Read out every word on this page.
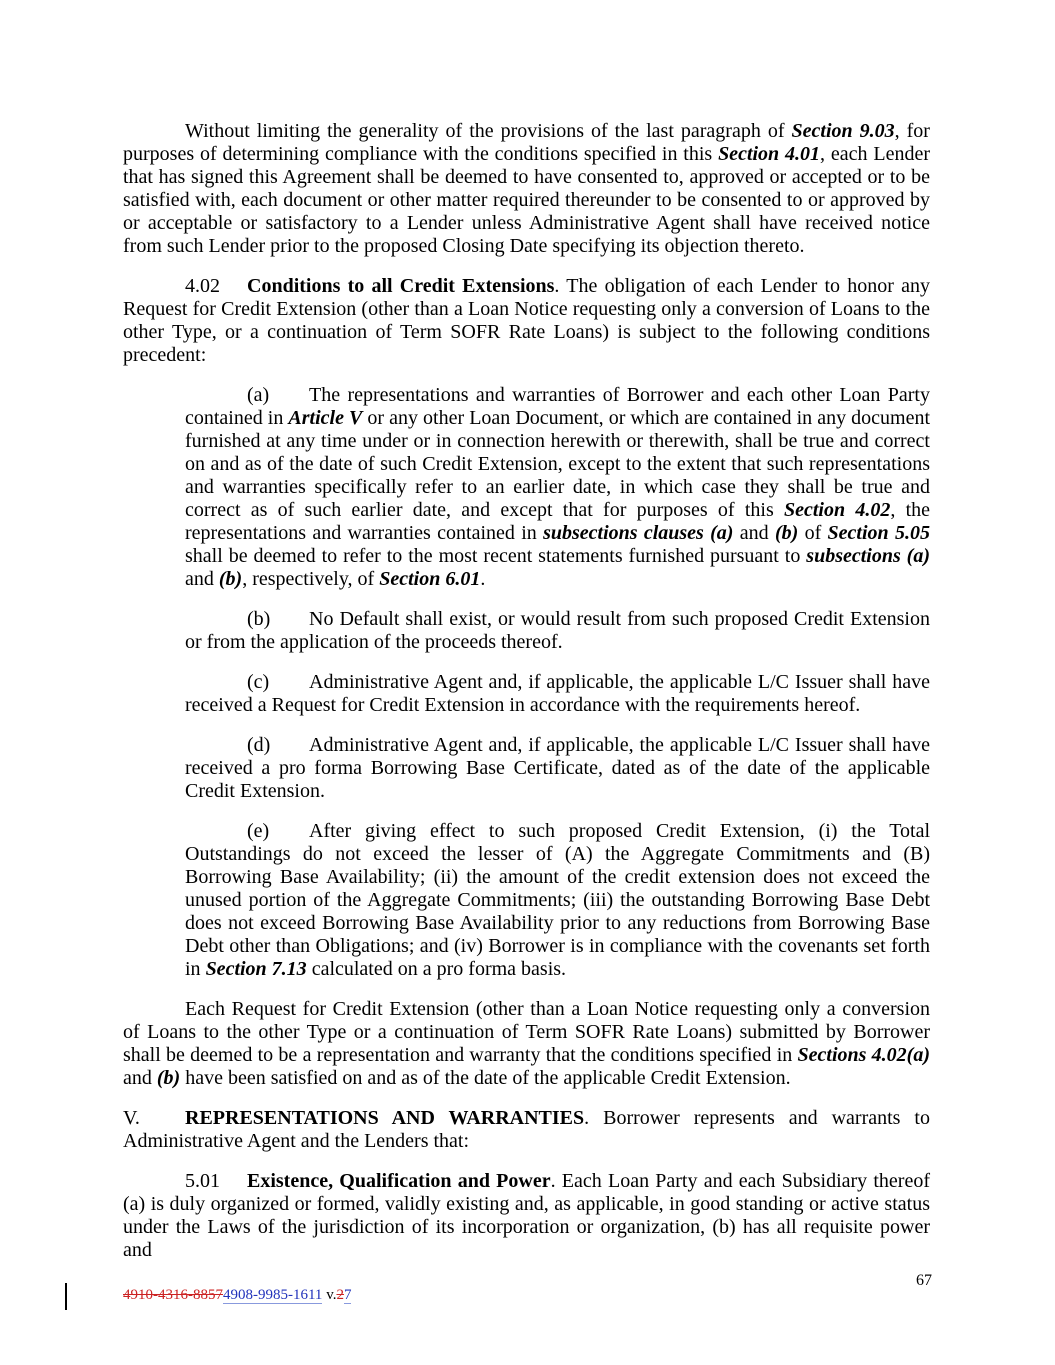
Without limiting the generality of the provisions of the last paragraph of Section 9.03, for purposes of determining compliance with the conditions specified in this Section 4.01, each Lender that has signed this Agreement shall be deemed to have consented to, approved or accepted or to be satisfied with, each document or other matter required thereunder to be consented to or approved by or acceptable or satisfactory to a Lender unless Administrative Agent shall have received notice from such Lender prior to the proposed Closing Date specifying its objection thereto.

4.02 Conditions to all Credit Extensions. The obligation of each Lender to honor any Request for Credit Extension (other than a Loan Notice requesting only a conversion of Loans to the other Type, or a continuation of Term SOFR Rate Loans) is subject to the following conditions precedent:

(a) The representations and warranties of Borrower and each other Loan Party contained in Article V or any other Loan Document, or which are contained in any document furnished at any time under or in connection herewith or therewith, shall be true and correct on and as of the date of such Credit Extension, except to the extent that such representations and warranties specifically refer to an earlier date, in which case they shall be true and correct as of such earlier date, and except that for purposes of this Section 4.02, the representations and warranties contained in subsections clauses (a) and (b) of Section 5.05 shall be deemed to refer to the most recent statements furnished pursuant to subsections (a) and (b), respectively, of Section 6.01.

(b) No Default shall exist, or would result from such proposed Credit Extension or from the application of the proceeds thereof.

(c) Administrative Agent and, if applicable, the applicable L/C Issuer shall have received a Request for Credit Extension in accordance with the requirements hereof.

(d) Administrative Agent and, if applicable, the applicable L/C Issuer shall have received a pro forma Borrowing Base Certificate, dated as of the date of the applicable Credit Extension.

(e) After giving effect to such proposed Credit Extension, (i) the Total Outstandings do not exceed the lesser of (A) the Aggregate Commitments and (B) Borrowing Base Availability; (ii) the amount of the credit extension does not exceed the unused portion of the Aggregate Commitments; (iii) the outstanding Borrowing Base Debt does not exceed Borrowing Base Availability prior to any reductions from Borrowing Base Debt other than Obligations; and (iv) Borrower is in compliance with the covenants set forth in Section 7.13 calculated on a pro forma basis.

Each Request for Credit Extension (other than a Loan Notice requesting only a conversion of Loans to the other Type or a continuation of Term SOFR Rate Loans) submitted by Borrower shall be deemed to be a representation and warranty that the conditions specified in Sections 4.02(a) and (b) have been satisfied on and as of the date of the applicable Credit Extension.

V. REPRESENTATIONS AND WARRANTIES. Borrower represents and warrants to Administrative Agent and the Lenders that:

5.01 Existence, Qualification and Power. Each Loan Party and each Subsidiary thereof (a) is duly organized or formed, validly existing and, as applicable, in good standing or active status under the Laws of the jurisdiction of its incorporation or organization, (b) has all requisite power and

4910-4316-88574908-9985-1611 v.27
67
